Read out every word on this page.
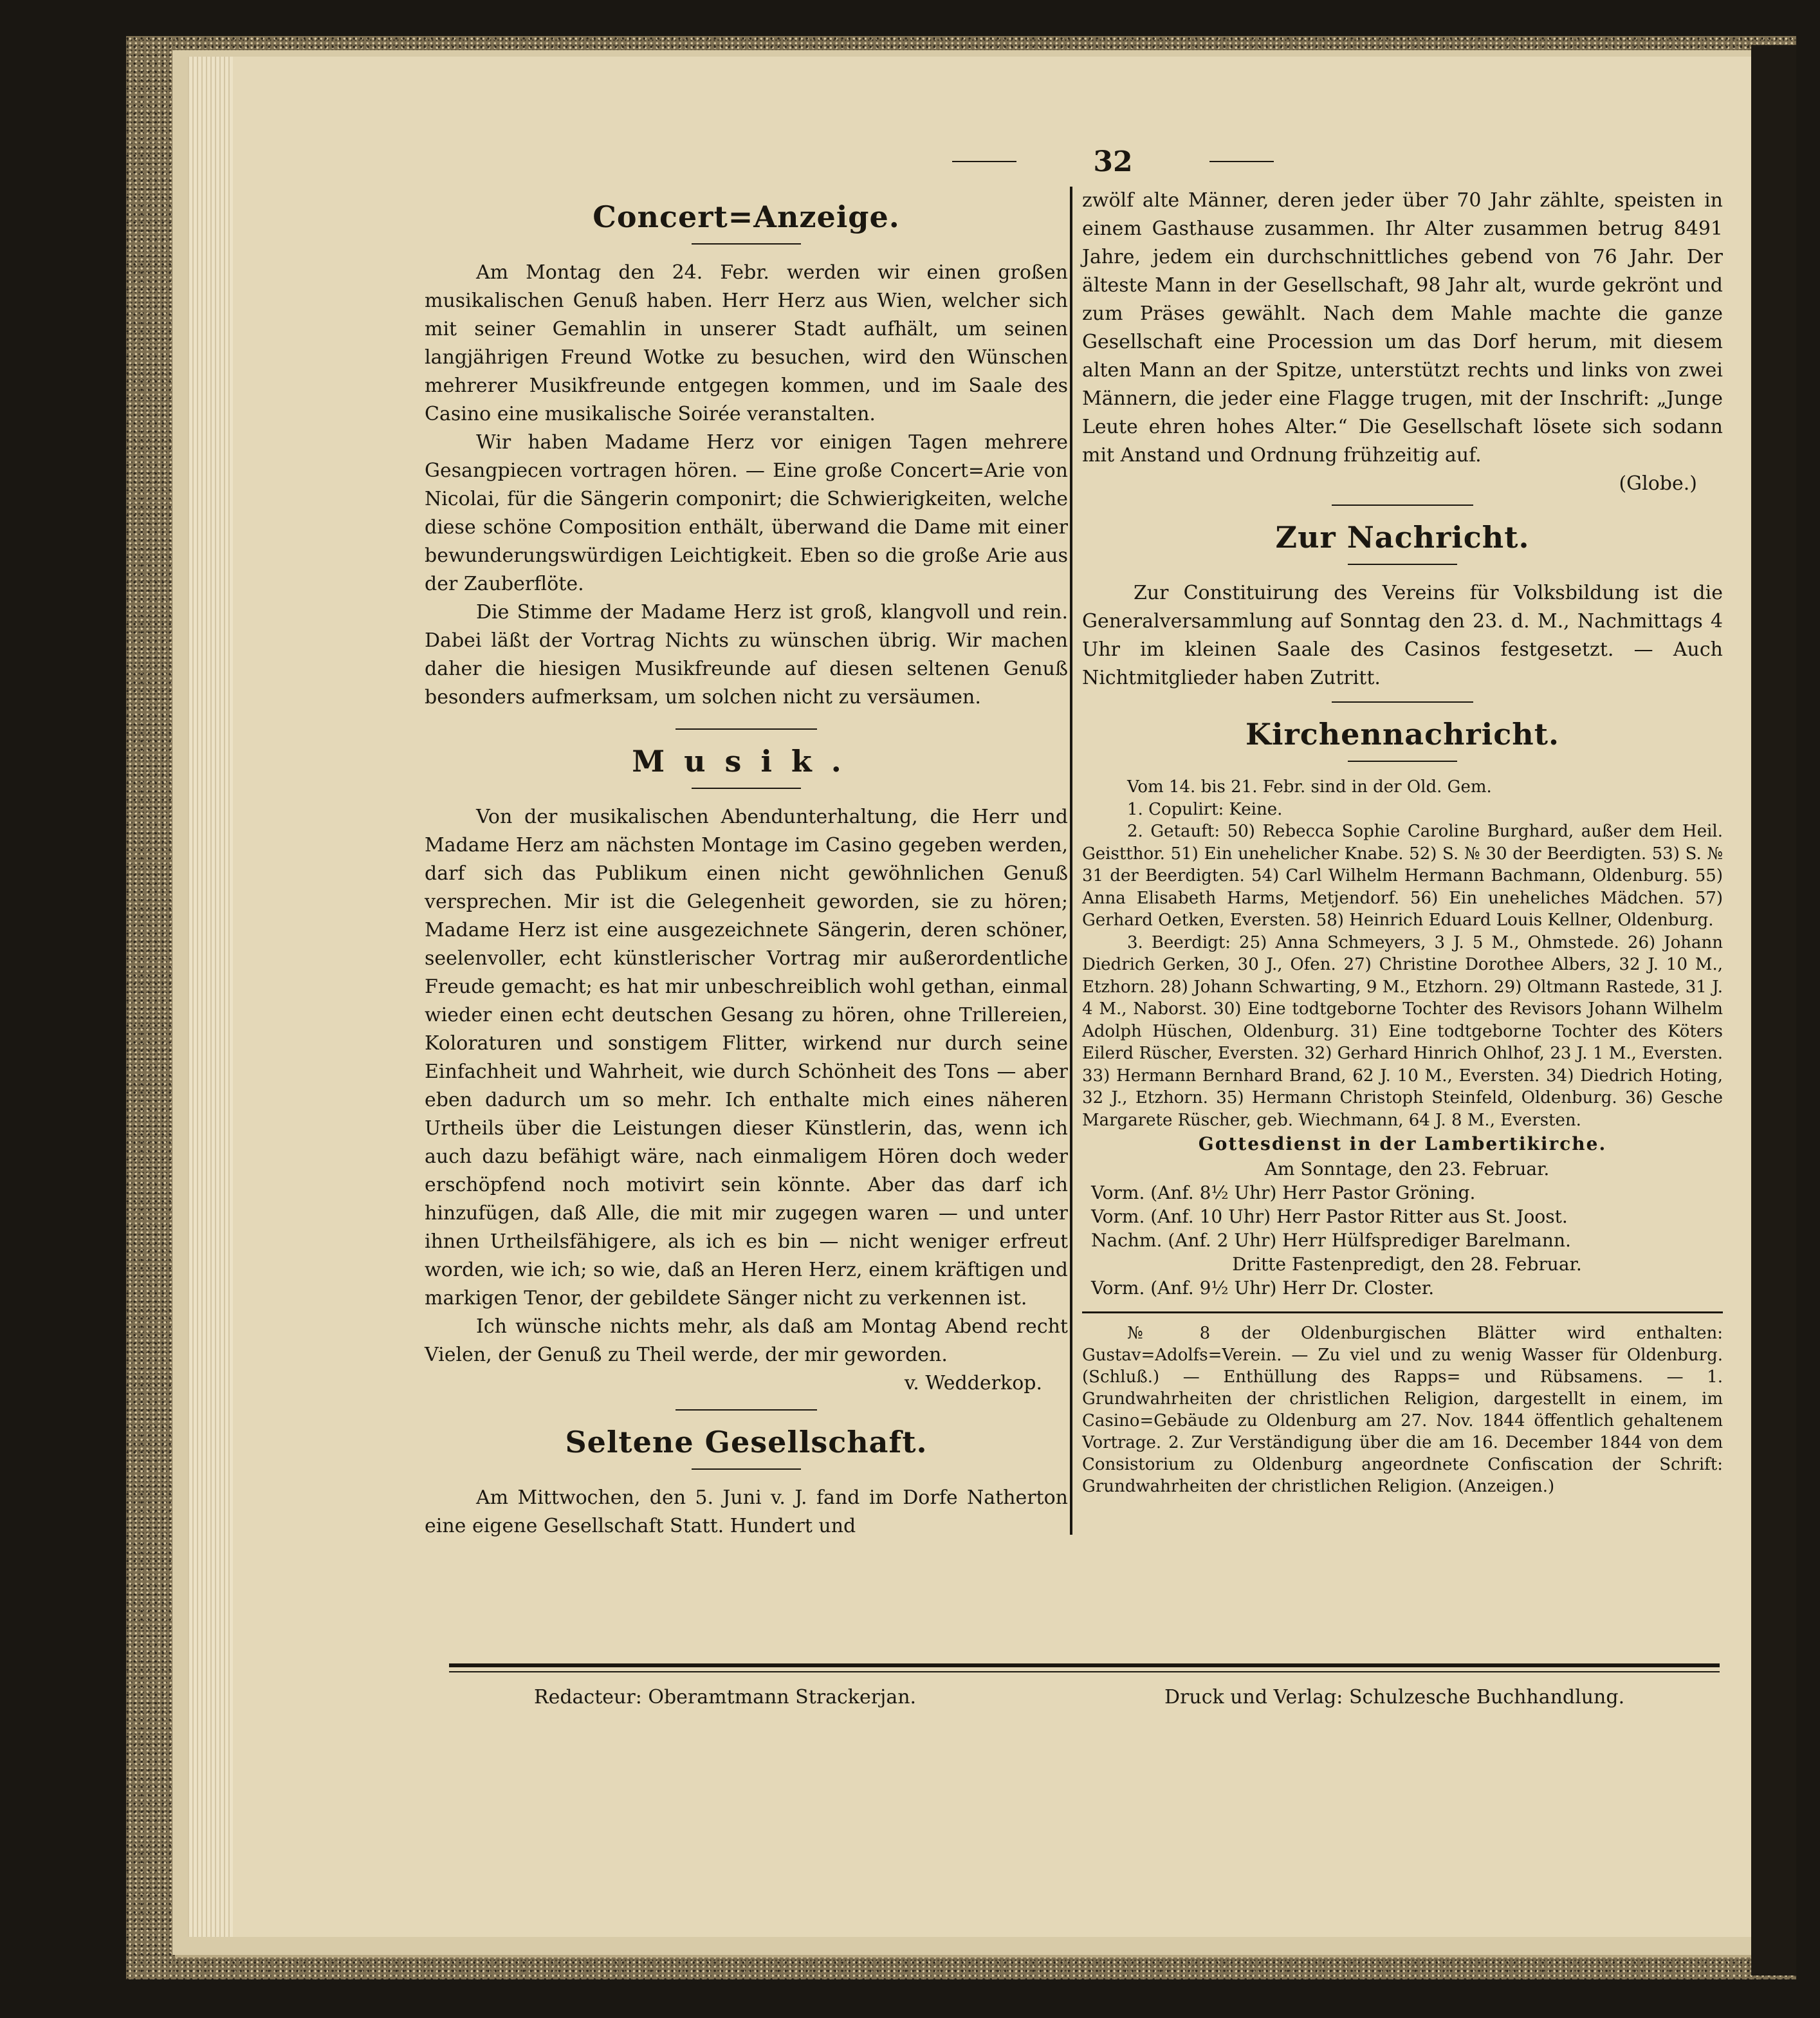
32
Concert=Anzeige.

Am Montag den 24. Febr. werden wir einen großen musikalischen Genuß haben. Herr Herz aus Wien, welcher sich mit seiner Gemahlin in unserer Stadt aufhält, um seinen langjährigen Freund Wotke zu besuchen, wird den Wünschen mehrerer Musikfreunde entgegen kommen, und im Saale des Casino eine musikalische Soirée veranstalten.

Wir haben Madame Herz vor einigen Tagen mehrere Gesangpiecen vortragen hören. — Eine große Concert=Arie von Nicolai, für die Sängerin componirt; die Schwierigkeiten, welche diese schöne Composition enthält, überwand die Dame mit einer bewunderungswürdigen Leichtigkeit. Eben so die große Arie aus der Zauberflöte.

Die Stimme der Madame Herz ist groß, klangvoll und rein. Dabei läßt der Vortrag Nichts zu wünschen übrig. Wir machen daher die hiesigen Musikfreunde auf diesen seltenen Genuß besonders aufmerksam, um solchen nicht zu versäumen.

Musik.

Von der musikalischen Abendunterhaltung, die Herr und Madame Herz am nächsten Montage im Casino gegeben werden, darf sich das Publikum einen nicht gewöhnlichen Genuß versprechen. Mir ist die Gelegenheit geworden, sie zu hören; Madame Herz ist eine ausgezeichnete Sängerin, deren schöner, seelenvoller, echt künstlerischer Vortrag mir außerordentliche Freude gemacht; es hat mir unbeschreiblich wohl gethan, einmal wieder einen echt deutschen Gesang zu hören, ohne Trillereien, Koloraturen und sonstigem Flitter, wirkend nur durch seine Einfachheit und Wahrheit, wie durch Schönheit des Tons — aber eben dadurch um so mehr. Ich enthalte mich eines näheren Urtheils über die Leistungen dieser Künstlerin, das, wenn ich auch dazu befähigt wäre, nach einmaligem Hören doch weder erschöpfend noch motivirt sein könnte. Aber das darf ich hinzufügen, daß Alle, die mit mir zugegen waren — und unter ihnen Urtheilsfähigere, als ich es bin — nicht weniger erfreut worden, wie ich; so wie, daß an Heren Herz, einem kräftigen und markigen Tenor, der gebildete Sänger nicht zu verkennen ist.

Ich wünsche nichts mehr, als daß am Montag Abend recht Vielen, der Genuß zu Theil werde, der mir geworden.

v. Wedderkop.
Seltene Gesellschaft.

Am Mittwochen, den 5. Juni v. J. fand im Dorfe Natherton eine eigene Gesellschaft Statt. Hundert und

zwölf alte Männer, deren jeder über 70 Jahr zählte, speisten in einem Gasthause zusammen. Ihr Alter zusammen betrug 8491 Jahre, jedem ein durchschnittliches gebend von 76 Jahr. Der älteste Mann in der Gesellschaft, 98 Jahr alt, wurde gekrönt und zum Präses gewählt. Nach dem Mahle machte die ganze Gesellschaft eine Procession um das Dorf herum, mit diesem alten Mann an der Spitze, unterstützt rechts und links von zwei Männern, die jeder eine Flagge trugen, mit der Inschrift: „Junge Leute ehren hohes Alter.“ Die Gesellschaft lösete sich sodann mit Anstand und Ordnung frühzeitig auf.

(Globe.)
Zur Nachricht.

Zur Constituirung des Vereins für Volksbildung ist die Generalversammlung auf Sonntag den 23. d. M., Nachmittags 4 Uhr im kleinen Saale des Casinos festgesetzt. — Auch Nichtmitglieder haben Zutritt.

Kirchennachricht.
Vom 14. bis 21. Febr. sind in der Old. Gem.
1. Copulirt: Keine.
2. Getauft: 50) Rebecca Sophie Caroline Burghard, außer dem Heil. Geistthor. 51) Ein unehelicher Knabe. 52) S. № 30 der Beerdigten. 53) S. № 31 der Beerdigten. 54) Carl Wilhelm Hermann Bachmann, Oldenburg. 55) Anna Elisabeth Harms, Metjendorf. 56) Ein uneheliches Mädchen. 57) Gerhard Oetken, Eversten. 58) Heinrich Eduard Louis Kellner, Oldenburg.
3. Beerdigt: 25) Anna Schmeyers, 3 J. 5 M., Ohmstede. 26) Johann Diedrich Gerken, 30 J., Ofen. 27) Christine Dorothee Albers, 32 J. 10 M., Etzhorn. 28) Johann Schwarting, 9 M., Etzhorn. 29) Oltmann Rastede, 31 J. 4 M., Naborst. 30) Eine todtgeborne Tochter des Revisors Johann Wilhelm Adolph Hüschen, Oldenburg. 31) Eine todtgeborne Tochter des Köters Eilerd Rüscher, Eversten. 32) Gerhard Hinrich Ohlhof, 23 J. 1 M., Eversten. 33) Hermann Bernhard Brand, 62 J. 10 M., Eversten. 34) Diedrich Hoting, 32 J., Etzhorn. 35) Hermann Christoph Steinfeld, Oldenburg. 36) Gesche Margarete Rüscher, geb. Wiechmann, 64 J. 8 M., Eversten.
Gottesdienst in der Lambertikirche.
Am Sonntage, den 23. Februar.
Vorm. (Anf. 8½ Uhr) Herr Pastor Gröning.
Vorm. (Anf. 10 Uhr) Herr Pastor Ritter aus St. Joost.
Nachm. (Anf. 2 Uhr) Herr Hülfsprediger Barelmann.
Dritte Fastenpredigt, den 28. Februar.
Vorm. (Anf. 9½ Uhr) Herr Dr. Closter.
№ 8 der Oldenburgischen Blätter wird enthalten: Gustav=Adolfs=Verein. — Zu viel und zu wenig Wasser für Oldenburg. (Schluß.) — Enthüllung des Rapps= und Rübsamens. — 1. Grundwahrheiten der christlichen Religion, dargestellt in einem, im Casino=Gebäude zu Oldenburg am 27. Nov. 1844 öffentlich gehaltenem Vortrage. 2. Zur Verständigung über die am 16. December 1844 von dem Consistorium zu Oldenburg angeordnete Confiscation der Schrift: Grundwahrheiten der christlichen Religion. (Anzeigen.)
Redacteur: Oberamtmann Strackerjan.	Druck und Verlag: Schulzesche Buchhandlung.
